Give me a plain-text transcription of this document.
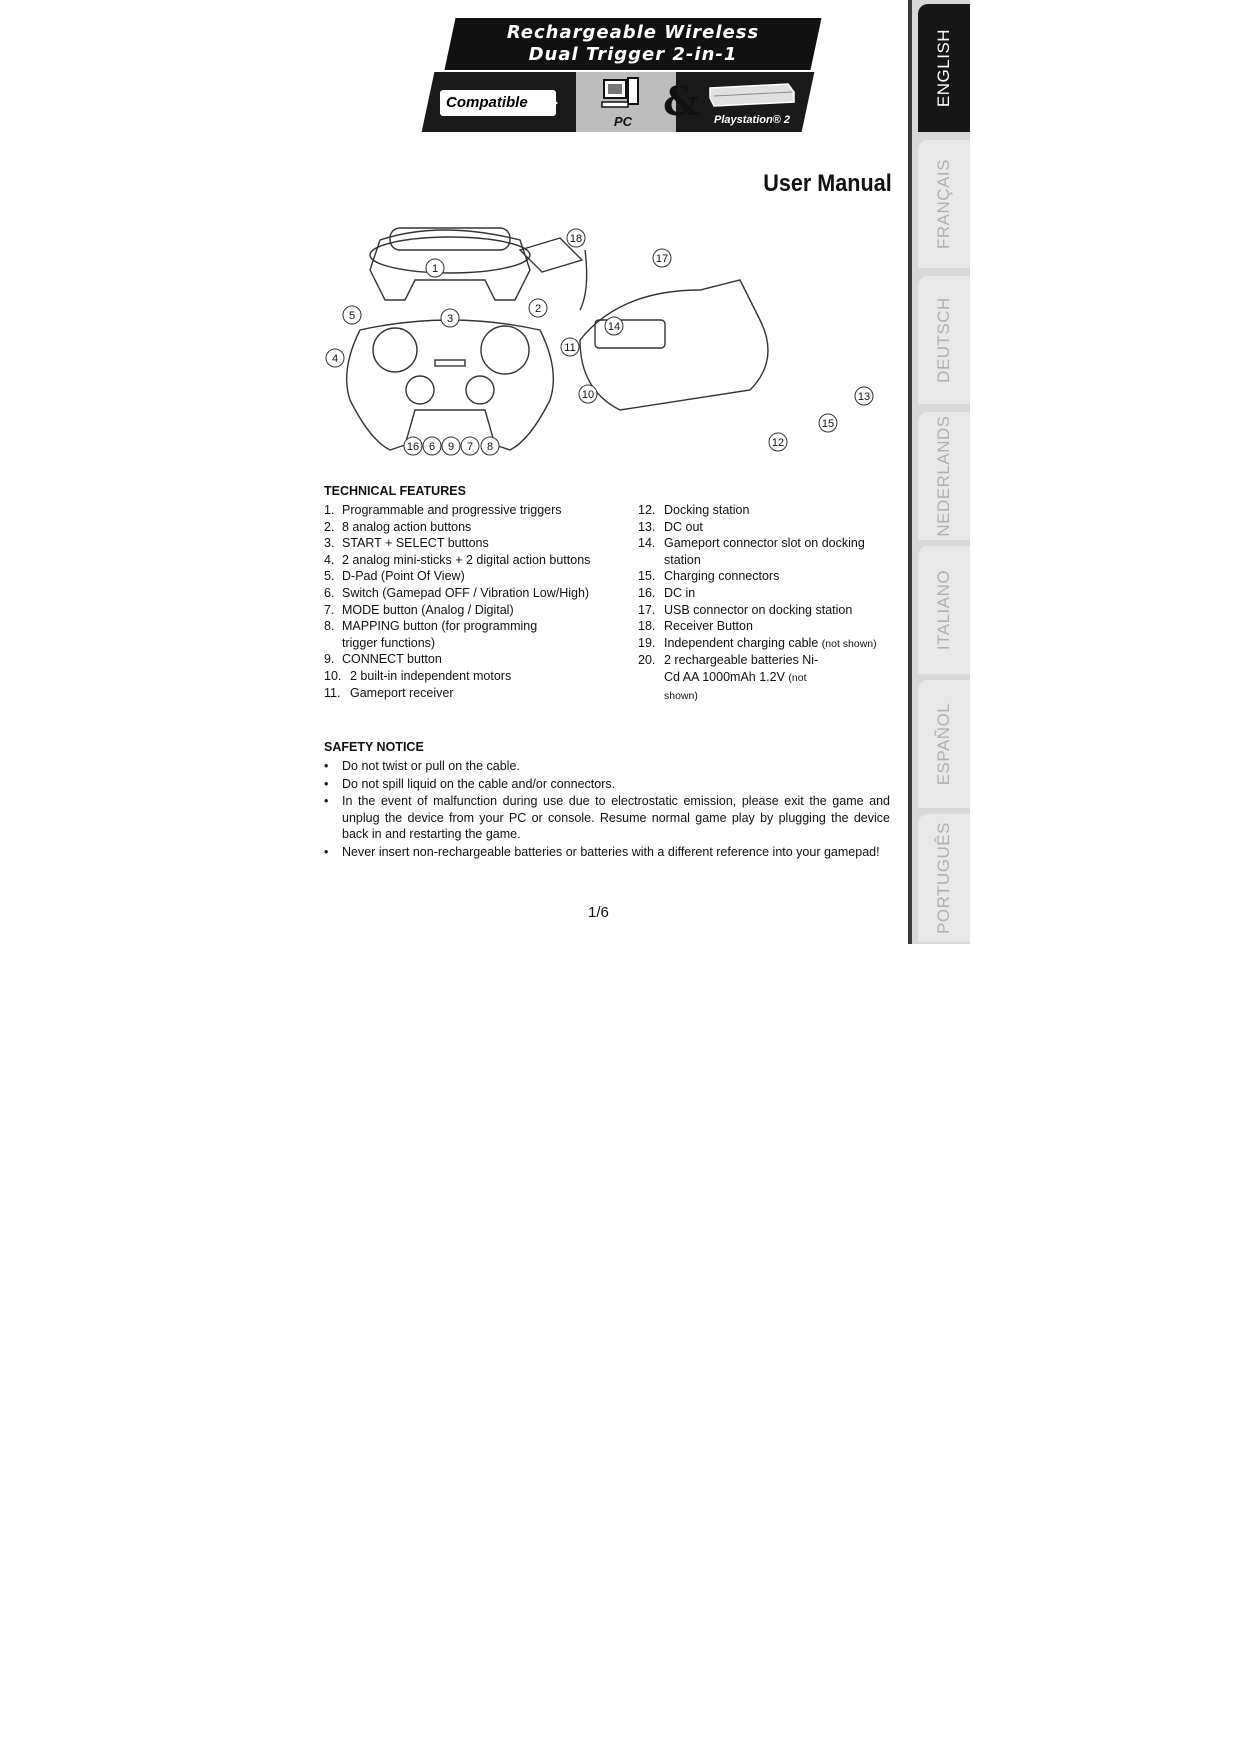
Rechargeable Wireless
Dual Trigger 2-in-1
Compatible
PC & Playstation® 2
ENGLISH
FRANÇAIS
DEUTSCH
NEDERLANDS
ITALIANO
ESPAÑOL
PORTUGUÊS
User Manual
1
2
3
4
5
6	7 8
9
10
11
12
13
14
15
16
17
18
TECHNICAL FEATURES
1. Programmable and progressive triggers
2. 8 analog action buttons
3. START + SELECT buttons
4. 2 analog mini-sticks + 2 digital action buttons
5. D-Pad (Point Of View)
6. Switch (Gamepad OFF / Vibration Low/High)
7. MODE button (Analog / Digital)
8. MAPPING button (for programming trigger functions)
9. CONNECT button
10. 2 built-in independent motors
11. Gameport receiver
12. Docking station
13. DC out
14. Gameport connector slot on docking station
15. Charging connectors
16. DC in
17. USB connector on docking station
18. Receiver Button
19. Independent charging cable (not shown)
20. 2 rechargeable batteries Ni-Cd AA 1000mAh 1.2V (not shown)
SAFETY NOTICE
•	Do not twist or pull on the cable.
•	Do not spill liquid on the cable and/or connectors.
•	In the event of malfunction during use due to electrostatic emission, please exit the game and unplug the device from your PC or console. Resume normal game play by plugging the device back in and restarting the game.
•	Never insert non-rechargeable batteries or batteries with a different reference into your gamepad!
1/6
